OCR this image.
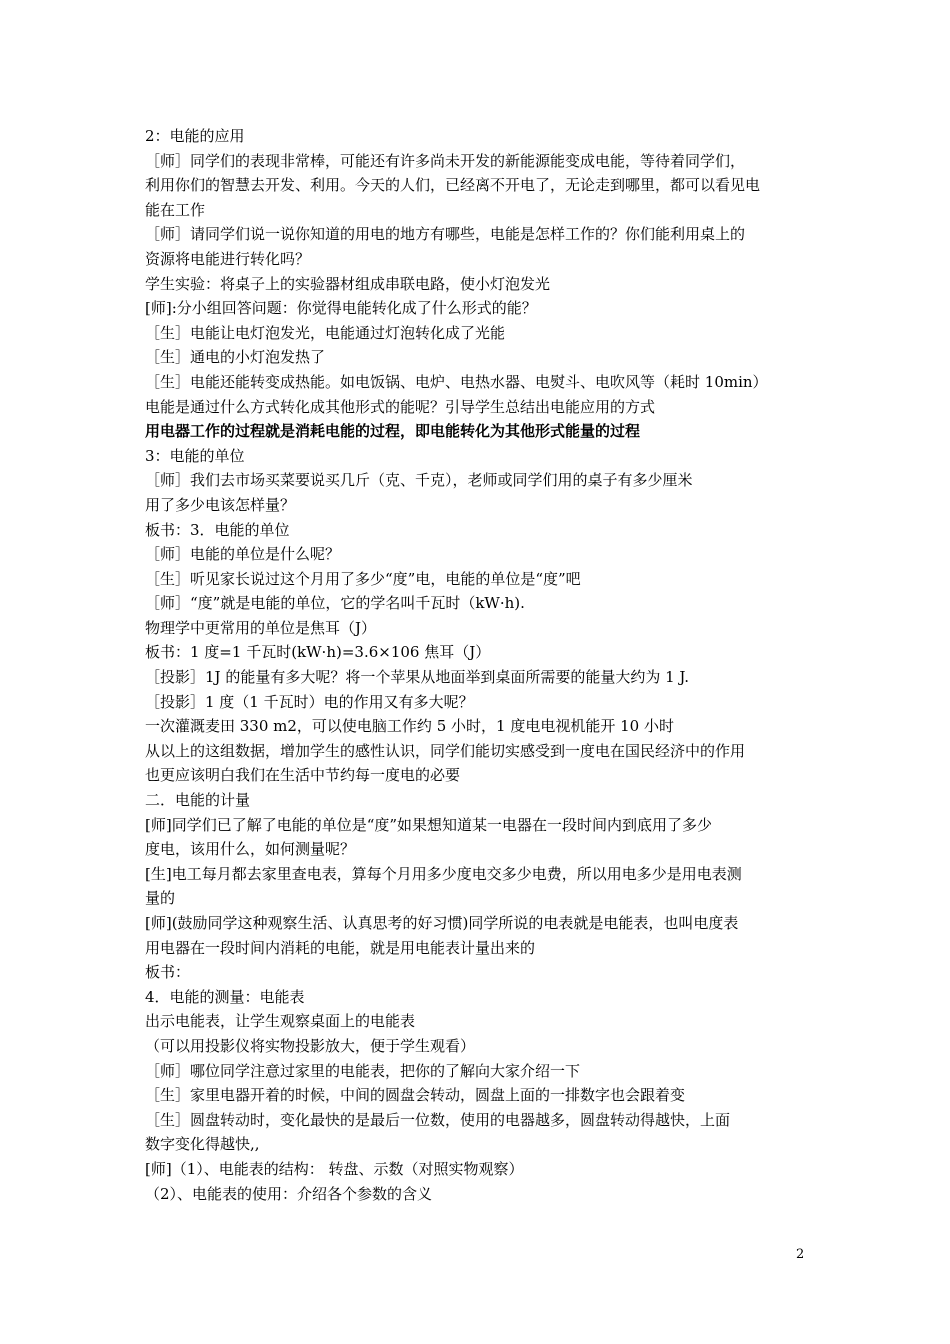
2：电能的应用
［师］同学们的表现非常棒，可能还有许多尚未开发的新能源能变成电能，等待着同学们，
利用你们的智慧去开发、利用。今天的人们，已经离不开电了，无论走到哪里，都可以看见电
能在工作
［师］请同学们说一说你知道的用电的地方有哪些，电能是怎样工作的？你们能利用桌上的
资源将电能进行转化吗？
学生实验：将桌子上的实验器材组成串联电路，使小灯泡发光
[师]:分小组回答问题：你觉得电能转化成了什么形式的能？
［生］电能让电灯泡发光，电能通过灯泡转化成了光能
［生］通电的小灯泡发热了
［生］电能还能转变成热能。如电饭锅、电炉、电热水器、电熨斗、电吹风等（耗时 10min）
电能是通过什么方式转化成其他形式的能呢？引导学生总结出电能应用的方式
用电器工作的过程就是消耗电能的过程，即电能转化为其他形式能量的过程
3：电能的单位
［师］我们去市场买菜要说买几斤（克、千克），老师或同学们用的桌子有多少厘米
用了多少电该怎样量？
板书：3．电能的单位
［师］电能的单位是什么呢？
［生］听见家长说过这个月用了多少“度”电，电能的单位是“度”吧
［师］“度”就是电能的单位，它的学名叫千瓦时（kW·h).
物理学中更常用的单位是焦耳（J）
板书：1 度=1 千瓦时(kW·h)=3.6×106 焦耳（J）
［投影］1J 的能量有多大呢？将一个苹果从地面举到桌面所需要的能量大约为 1 J.
［投影］1 度（1 千瓦时）电的作用又有多大呢？
一次灌溉麦田 330 m2，可以使电脑工作约 5 小时，1 度电电视机能开 10 小时
从以上的这组数据，增加学生的感性认识，同学们能切实感受到一度电在国民经济中的作用
也更应该明白我们在生活中节约每一度电的必要
二．电能的计量
[师]同学们已了解了电能的单位是“度”如果想知道某一电器在一段时间内到底用了多少
度电，该用什么，如何测量呢？
[生]电工每月都去家里查电表，算每个月用多少度电交多少电费，所以用电多少是用电表测
量的
[师](鼓励同学这种观察生活、认真思考的好习惯)同学所说的电表就是电能表，也叫电度表
用电器在一段时间内消耗的电能，就是用电能表计量出来的
板书：
4．电能的测量：电能表
出示电能表，让学生观察桌面上的电能表
（可以用投影仪将实物投影放大，便于学生观看）
［师］哪位同学注意过家里的电能表，把你的了解向大家介绍一下
［生］家里电器开着的时候，中间的圆盘会转动，圆盘上面的一排数字也会跟着变
［生］圆盘转动时，变化最快的是最后一位数，使用的电器越多，圆盘转动得越快，上面
数字变化得越快,,
[师]（1）、电能表的结构： 转盘、示数（对照实物观察）
（2）、电能表的使用：介绍各个参数的含义
2
